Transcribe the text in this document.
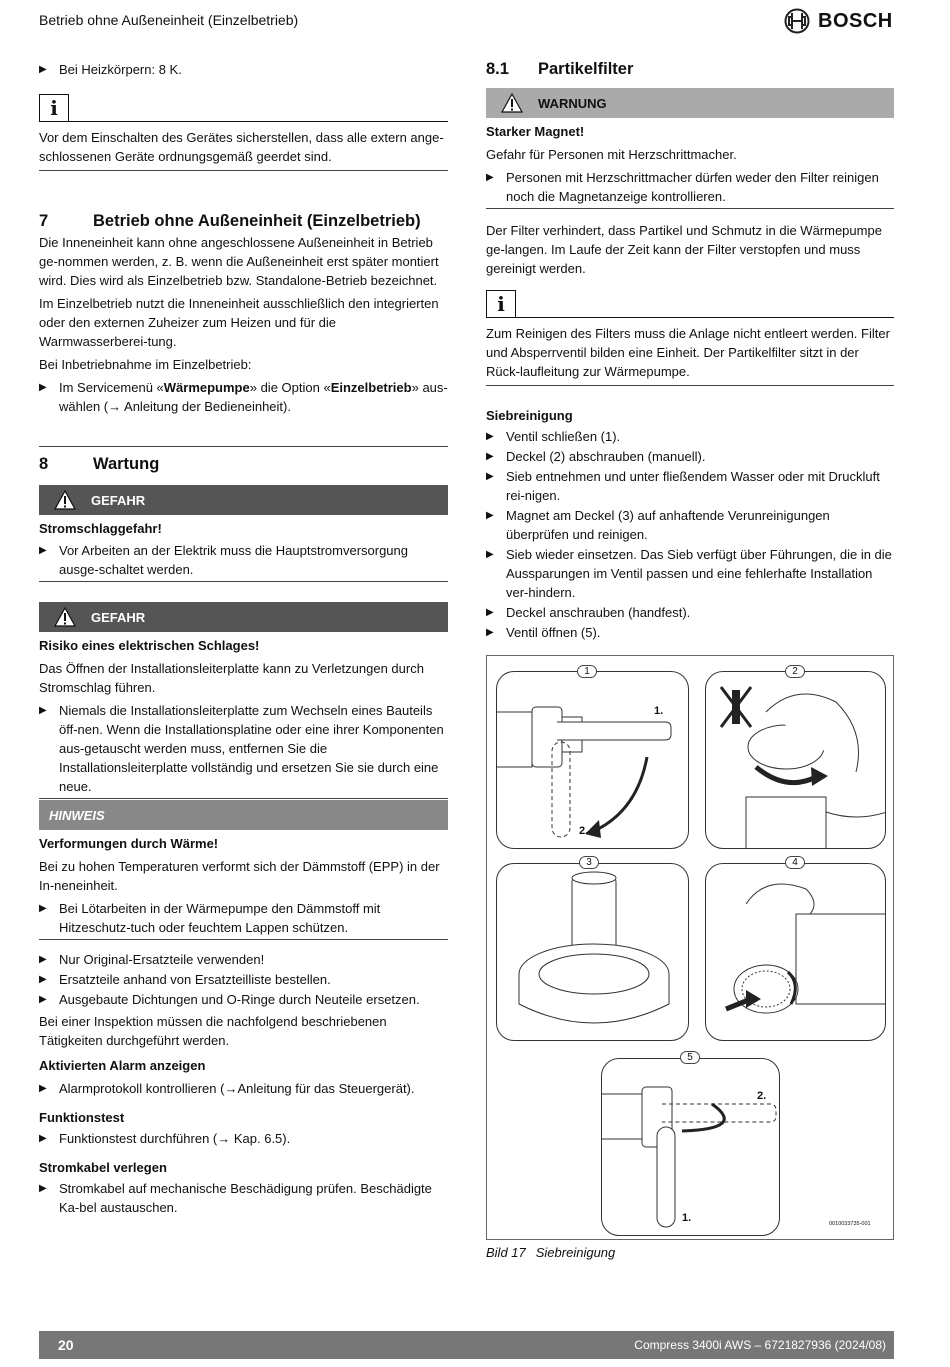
Betrieb ohne Außeneinheit (Einzelbetrieb)	BOSCH
▶ Bei Heizkörpern: 8 K.
i

Vor dem Einschalten des Gerätes sicherstellen, dass alle extern ange-schlossenen Geräte ordnungsgemäß geerdet sind.

7	Betrieb ohne Außeneinheit (Einzelbetrieb)

Die Inneneinheit kann ohne angeschlossene Außeneinheit in Betrieb ge-nommen werden, z. B. wenn die Außeneinheit erst später montiert wird. Dies wird als Einzelbetrieb bzw. Standalone-Betrieb bezeichnet.

Im Einzelbetrieb nutzt die Inneneinheit ausschließlich den integrierten oder den externen Zuheizer zum Heizen und für die Warmwasserberei-tung.

Bei Inbetriebnahme im Einzelbetrieb:

▶ Im Servicemenü «Wärmepumpe» die Option «Einzelbetrieb» aus-wählen (→ Anleitung der Bedieneinheit).
8	Wartung
GEFAHR
Stromschlaggefahr!
▶ Vor Arbeiten an der Elektrik muss die Hauptstromversorgung ausge-schaltet werden.
GEFAHR
Risiko eines elektrischen Schlages!

Das Öffnen der Installationsleiterplatte kann zu Verletzungen durch Stromschlag führen.

▶ Niemals die Installationsleiterplatte zum Wechseln eines Bauteils öff-nen. Wenn die Installationsplatine oder eine ihrer Komponenten aus-getauscht werden muss, entfernen Sie die Installationsleiterplatte vollständig und ersetzen Sie sie durch eine neue.
HINWEIS
Verformungen durch Wärme!

Bei zu hohen Temperaturen verformt sich der Dämmstoff (EPP) in der In-neneinheit.

▶ Bei Lötarbeiten in der Wärmepumpe den Dämmstoff mit Hitzeschutz-tuch oder feuchtem Lappen schützen.
▶ Nur Original-Ersatzteile verwenden!
▶ Ersatzteile anhand von Ersatzteilliste bestellen.
▶ Ausgebaute Dichtungen und O-Ringe durch Neuteile ersetzen.

Bei einer Inspektion müssen die nachfolgend beschriebenen Tätigkeiten durchgeführt werden.

Aktivierten Alarm anzeigen
▶ Alarmprotokoll kontrollieren (→Anleitung für das Steuergerät).
Funktionstest
▶ Funktionstest durchführen (→ Kap. 6.5).
Stromkabel verlegen
▶ Stromkabel auf mechanische Beschädigung prüfen. Beschädigte Ka-bel austauschen.
8.1	Partikelfilter
WARNUNG
Starker Magnet!

Gefahr für Personen mit Herzschrittmacher.

▶ Personen mit Herzschrittmacher dürfen weder den Filter reinigen noch die Magnetanzeige kontrollieren.

Der Filter verhindert, dass Partikel und Schmutz in die Wärmepumpe ge-langen. Im Laufe der Zeit kann der Filter verstopfen und muss gereinigt werden.

i

Zum Reinigen des Filters muss die Anlage nicht entleert werden. Filter und Absperrventil bilden eine Einheit. Der Partikelfilter sitzt in der Rück-laufleitung zur Wärmepumpe.

Siebreinigung
▶ Ventil schließen (1).
▶ Deckel (2) abschrauben (manuell).
▶ Sieb entnehmen und unter fließendem Wasser oder mit Druckluft rei-nigen.
▶ Magnet am Deckel (3) auf anhaftende Verunreinigungen überprüfen und reinigen.
▶ Sieb wieder einsetzen. Das Sieb verfügt über Führungen, die in die Aussparungen im Ventil passen und eine fehlerhafte Installation ver-hindern.
▶ Deckel anschrauben (handfest).
▶ Ventil öffnen (5).
1.
2.
1	2
3	4
2.
1.
5
0010033735-001
Bild 17 Siebreinigung
20	Compress 3400i AWS – 6721827936 (2024/08)
